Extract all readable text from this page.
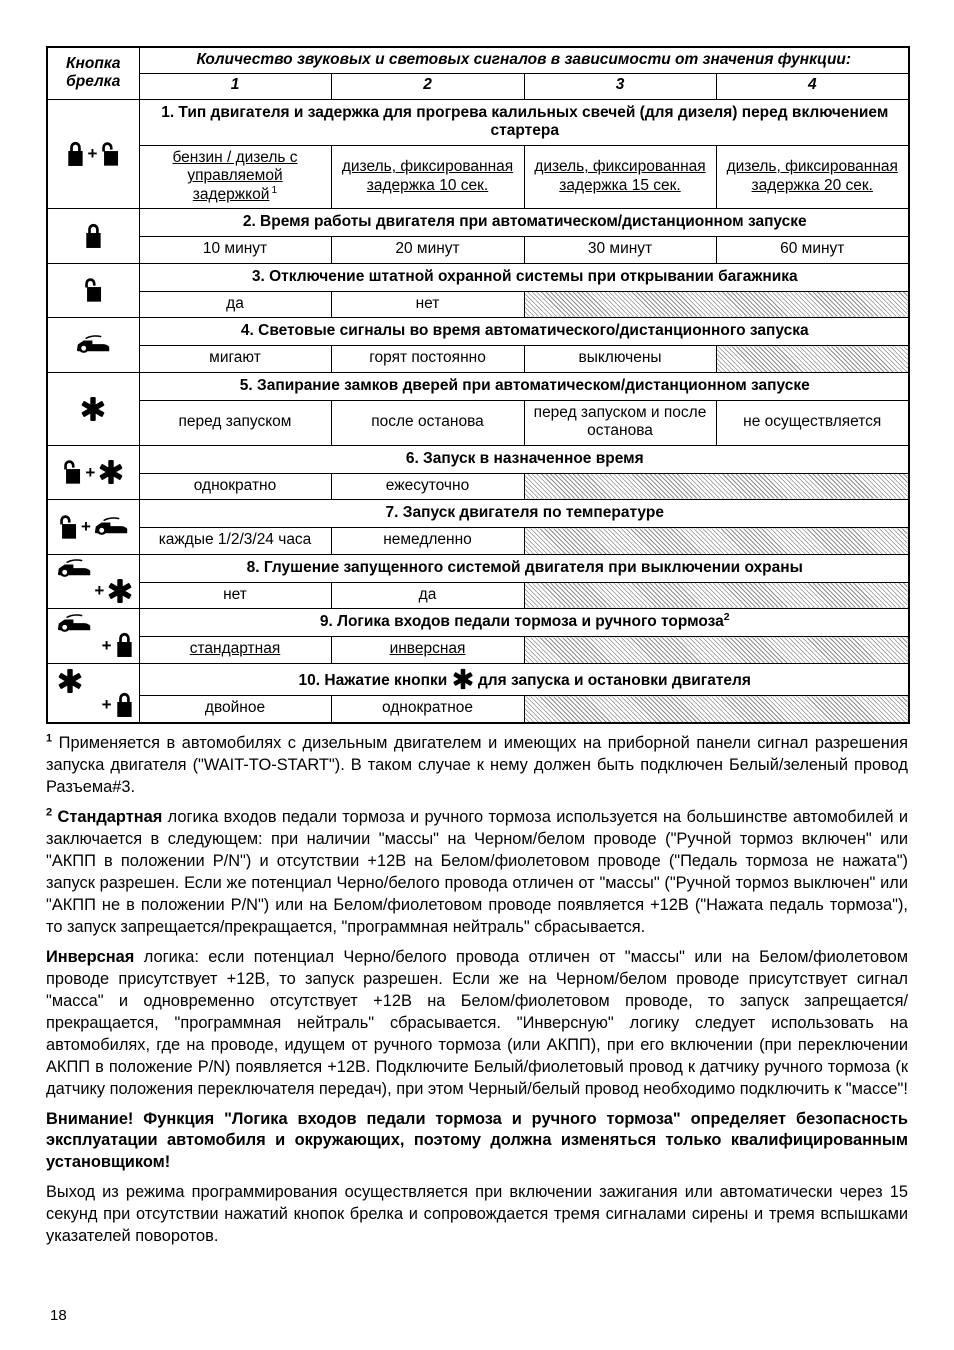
Кнопка
брелка	Количество звуковых и световых сигналов в зависимости от значения функции:			
	1	2	3	4

+	1. Тип двигателя и задержка для прогрева калильных свечей (для дизеля) перед включением стартера			
	бензин / дизель с управляемой задержкой $^1$	дизель, фиксированная задержка 10 сек.	дизель, фиксированная задержка 15 сек.	дизель, фиксированная задержка 20 сек.

	2. Время работы двигателя при автоматическом/дистанционном запуске			
	10 минут	20 минут	30 минут	60 минут

	3. Отключение штатной охранной системы при открывании багажника			
	да	нет		

	4. Световые сигналы во время автоматического/дистанционного запуска			
	мигают	горят постоянно	выключены	

	5. Запирание замков дверей при автоматическом/дистанционном запуске			
	перед запуском	после останова	перед запуском и после останова	не осуществляется

+	6. Запуск в назначенное время			
	однократно	ежесуточно		

+	7. Запуск двигателя по температуре			
	каждые 1/2/3/24 часа	немедленно		

+	8. Глушение запущенного системой двигателя при выключении охраны			
	нет	да		

+	9. Логика входов педали тормоза и ручного тормоза$^2$
	стандартная	инверсная		

+	10. Нажатие кнопки
для запуска и остановки двигателя			
	двойное	однократное		

$^1$ Применяется в автомобилях с дизельным двигателем и имеющих на приборной панели сигнал разрешения запуска двигателя ("WAIT-TO-START"). В таком случае к нему должен быть подключен Белый/зеленый провод Разъема#3.

$^2$ Стандартная логика входов педали тормоза и ручного тормоза используется на большинстве автомобилей и заключается в следующем: при наличии "массы" на Черном/белом проводе ("Ручной тормоз включен" или "АКПП в положении P/N") и отсутствии +12В на Белом/фиолетовом проводе ("Педаль тормоза не нажата") запуск разрешен. Если же потенциал Черно/белого провода отличен от "массы" ("Ручной тормоз выключен" или "АКПП не в положении P/N") или на Белом/фиолетовом проводе появляется +12В ("Нажата педаль тормоза"), то запуск запрещается/прекращается, "программная нейтраль" сбрасывается.

Инверсная логика: если потенциал Черно/белого провода отличен от "массы" или на Белом/фиолетовом проводе присутствует +12В, то запуск разрешен. Если же на Черном/белом проводе присутствует сигнал "масса" и одновременно отсутствует +12В на Белом/фиолетовом проводе, то запуск запрещается/прекращается, "программная нейтраль" сбрасывается. "Инверсную" логику следует использовать на автомобилях, где на проводе, идущем от ручного тормоза (или АКПП), при его включении (при переключении АКПП в положение P/N) появляется +12В. Подключите Белый/фиолетовый провод к датчику ручного тормоза (к датчику положения переключателя передач), при этом Черный/белый провод необходимо подключить к "массе"!

Внимание! Функция "Логика входов педали тормоза и ручного тормоза" определяет безопасность эксплуатации автомобиля и окружающих, поэтому должна изменяться только квалифицированным установщиком!

Выход из режима программирования осуществляется при включении зажигания или автоматически через 15 секунд при отсутствии нажатий кнопок брелка и сопровождается тремя сигналами сирены и тремя вспышками указателей поворотов.

18
